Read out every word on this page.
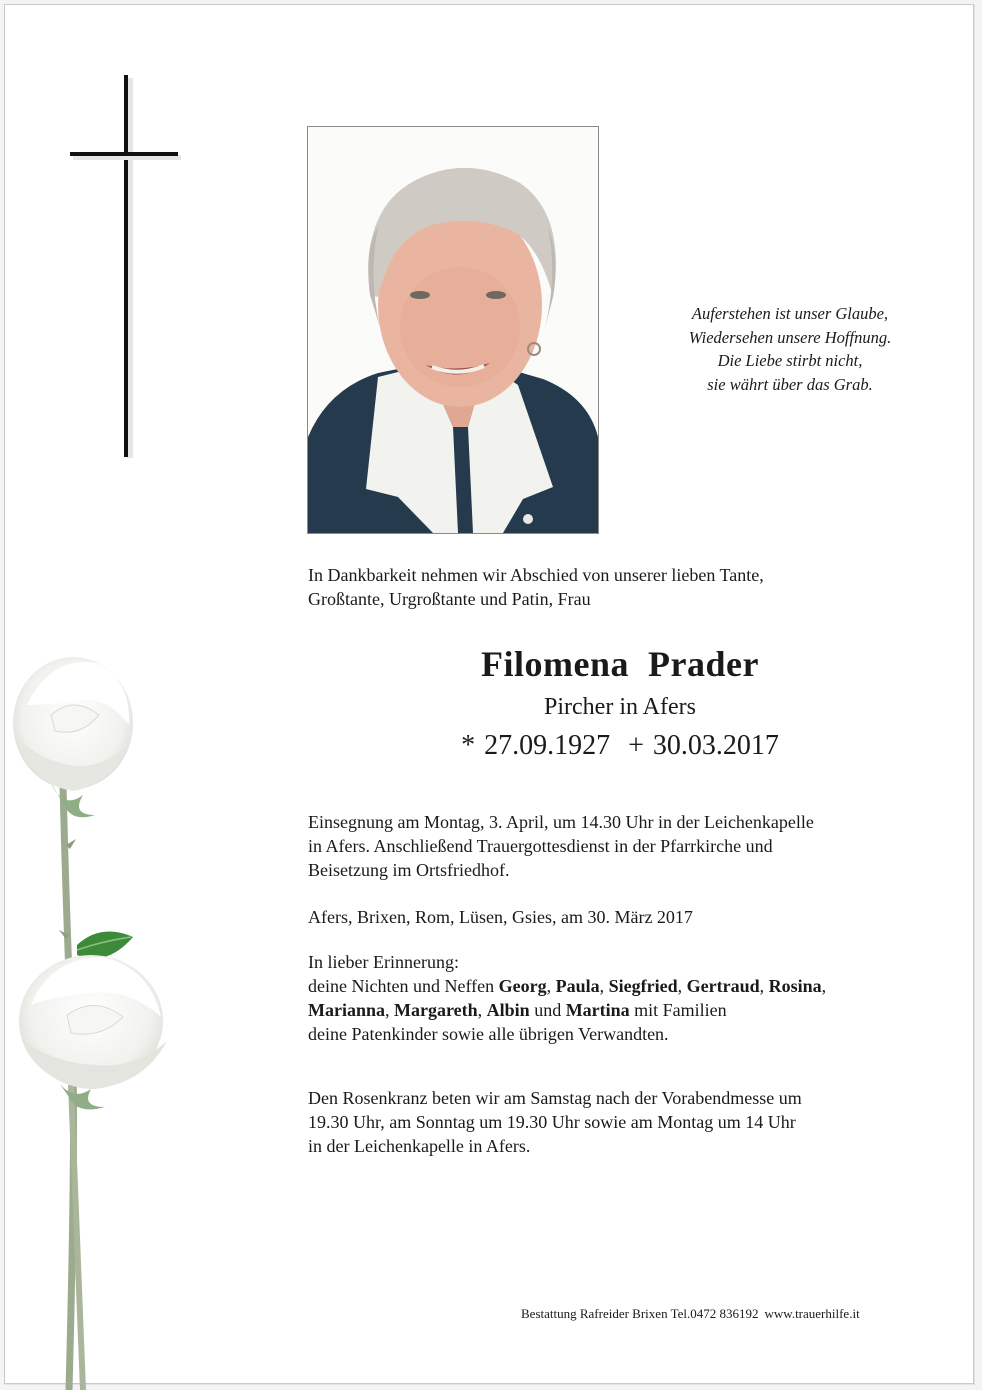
Auferstehen ist unser Glaube,
Wiedersehen unsere Hoffnung.
Die Liebe stirbt nicht,
sie währt über das Grab.
In Dankbarkeit nehmen wir Abschied von unserer lieben Tante,
Großtante, Urgroßtante und Patin, Frau
Filomena  Prader
Pircher in Afers
* 27.09.1927 + 30.03.2017
Einsegnung am Montag, 3. April, um 14.30 Uhr in der Leichenkapelle
in Afers. Anschließend Trauergottesdienst in der Pfarrkirche und
Beisetzung im Ortsfriedhof.
Afers, Brixen, Rom, Lüsen, Gsies, am 30. März 2017
In lieber Erinnerung:
deine Nichten und Neffen Georg, Paula, Siegfried, Gertraud, Rosina,
Marianna, Margareth, Albin und Martina mit Familien
deine Patenkinder sowie alle übrigen Verwandten.
Den Rosenkranz beten wir am Samstag nach der Vorabendmesse um
19.30 Uhr, am Sonntag um 19.30 Uhr sowie am Montag um 14 Uhr
in der Leichenkapelle in Afers.
Bestattung Rafreider Brixen Tel.0472 836192 www.trauerhilfe.it
